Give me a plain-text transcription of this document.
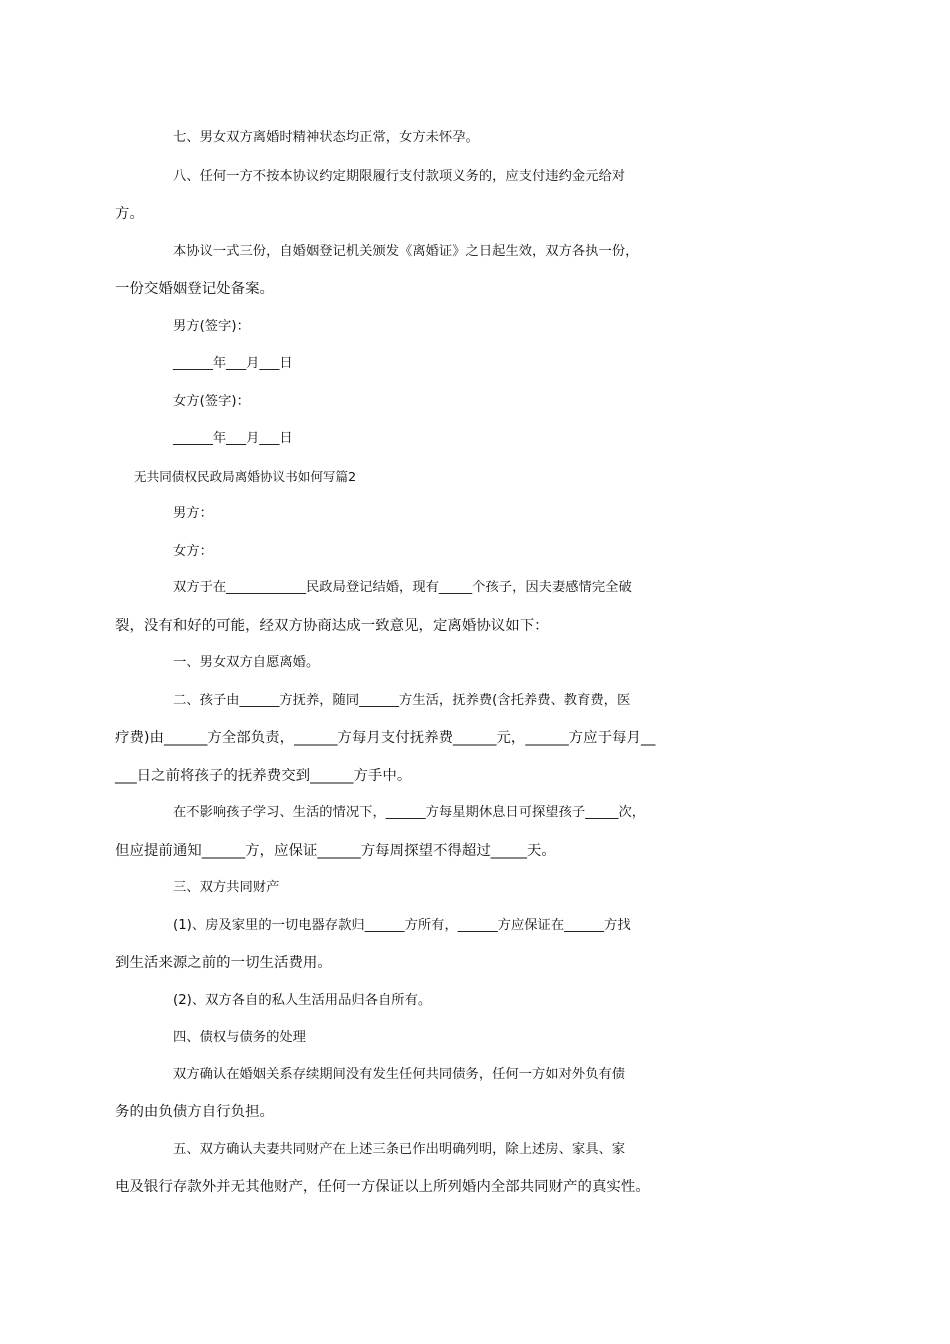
七、男女双方离婚时精神状态均正常，女方未怀孕。
八、任何一方不按本协议约定期限履行支付款项义务的，应支付违约金元给对
方。
本协议一式三份，自婚姻登记机关颁发《离婚证》之日起生效，双方各执一份，
一份交婚姻登记处备案。
男方(签字)：
______年___月___日
女方(签字)：
______年___月___日
无共同债权民政局离婚协议书如何写篇2
男方：
女方：
双方于在____________民政局登记结婚，现有_____个孩子，因夫妻感情完全破
裂，没有和好的可能，经双方协商达成一致意见，定离婚协议如下：
一、男女双方自愿离婚。
二、孩子由______方抚养，随同______方生活，抚养费(含托养费、教育费，医
疗费)由______方全部负责，______方每月支付抚养费______元，______方应于每月__
___日之前将孩子的抚养费交到______方手中。
在不影响孩子学习、生活的情况下，______方每星期休息日可探望孩子_____次，
但应提前通知______方，应保证______方每周探望不得超过_____天。
三、双方共同财产
(1)、房及家里的一切电器存款归______方所有，______方应保证在______方找
到生活来源之前的一切生活费用。
(2)、双方各自的私人生活用品归各自所有。
四、债权与债务的处理
双方确认在婚姻关系存续期间没有发生任何共同债务，任何一方如对外负有债
务的由负债方自行负担。
五、双方确认夫妻共同财产在上述三条已作出明确列明，除上述房、家具、家
电及银行存款外并无其他财产，任何一方保证以上所列婚内全部共同财产的真实性。
